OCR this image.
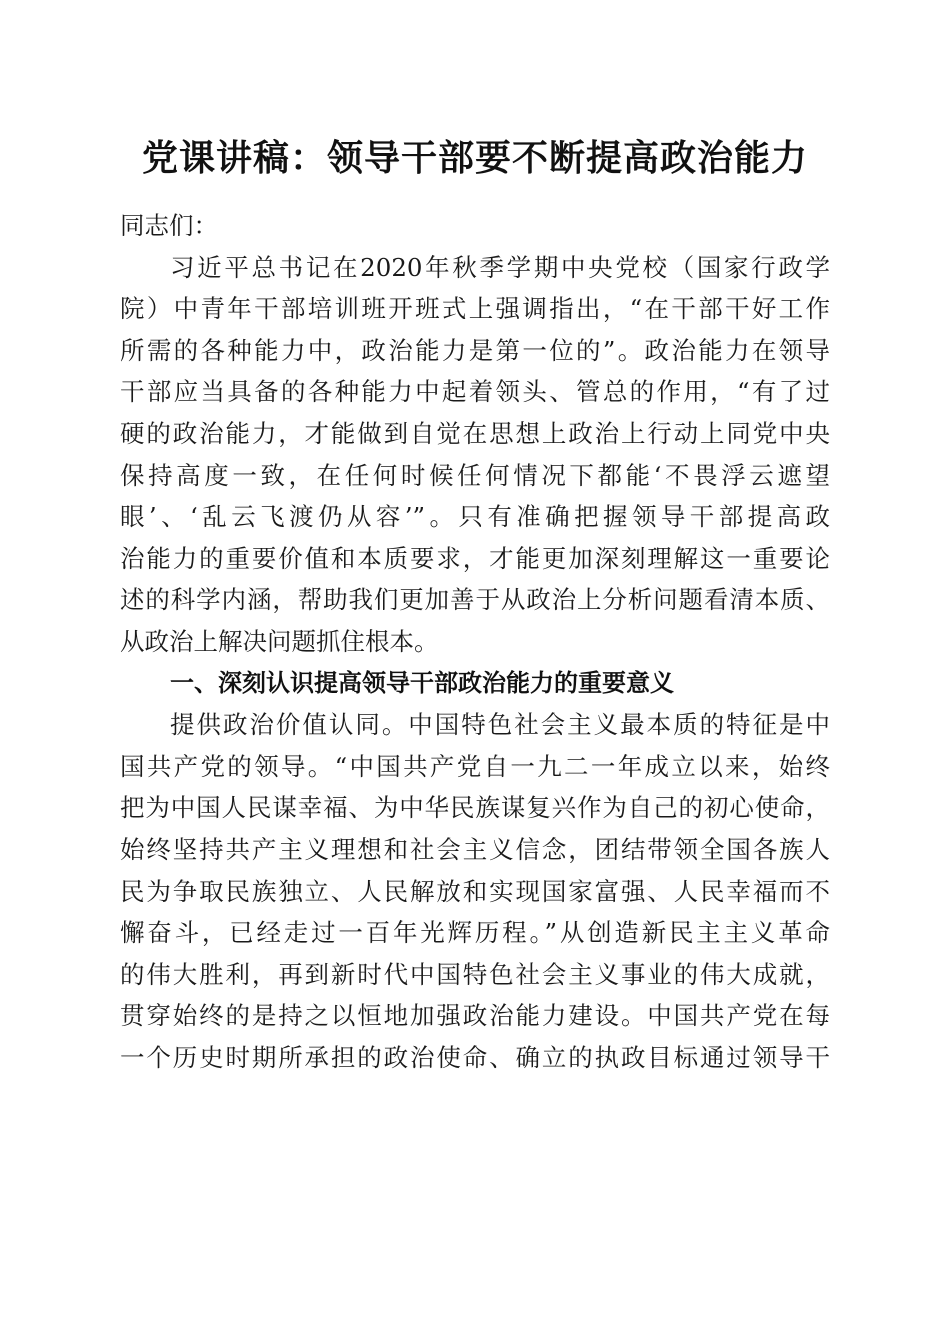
党课讲稿：领导干部要不断提高政治能力
同志们：
习近平总书记在2020年秋季学期中央党校（国家行政学
院）中青年干部培训班开班式上强调指出，“在干部干好工作
所需的各种能力中，政治能力是第一位的”。政治能力在领导
干部应当具备的各种能力中起着领头、管总的作用，“有了过
硬的政治能力，才能做到自觉在思想上政治上行动上同党中央
保持高度一致，在任何时候任何情况下都能‘不畏浮云遮望
眼’、‘乱云飞渡仍从容’”。只有准确把握领导干部提高政
治能力的重要价值和本质要求，才能更加深刻理解这一重要论
述的科学内涵，帮助我们更加善于从政治上分析问题看清本质、
从政治上解决问题抓住根本。
一、深刻认识提高领导干部政治能力的重要意义
提供政治价值认同。中国特色社会主义最本质的特征是中
国共产党的领导。“中国共产党自一九二一年成立以来，始终
把为中国人民谋幸福、为中华民族谋复兴作为自己的初心使命，
始终坚持共产主义理想和社会主义信念，团结带领全国各族人
民为争取民族独立、人民解放和实现国家富强、人民幸福而不
懈奋斗，已经走过一百年光辉历程。”从创造新民主主义革命
的伟大胜利，再到新时代中国特色社会主义事业的伟大成就，
贯穿始终的是持之以恒地加强政治能力建设。中国共产党在每
一个历史时期所承担的政治使命、确立的执政目标通过领导干
